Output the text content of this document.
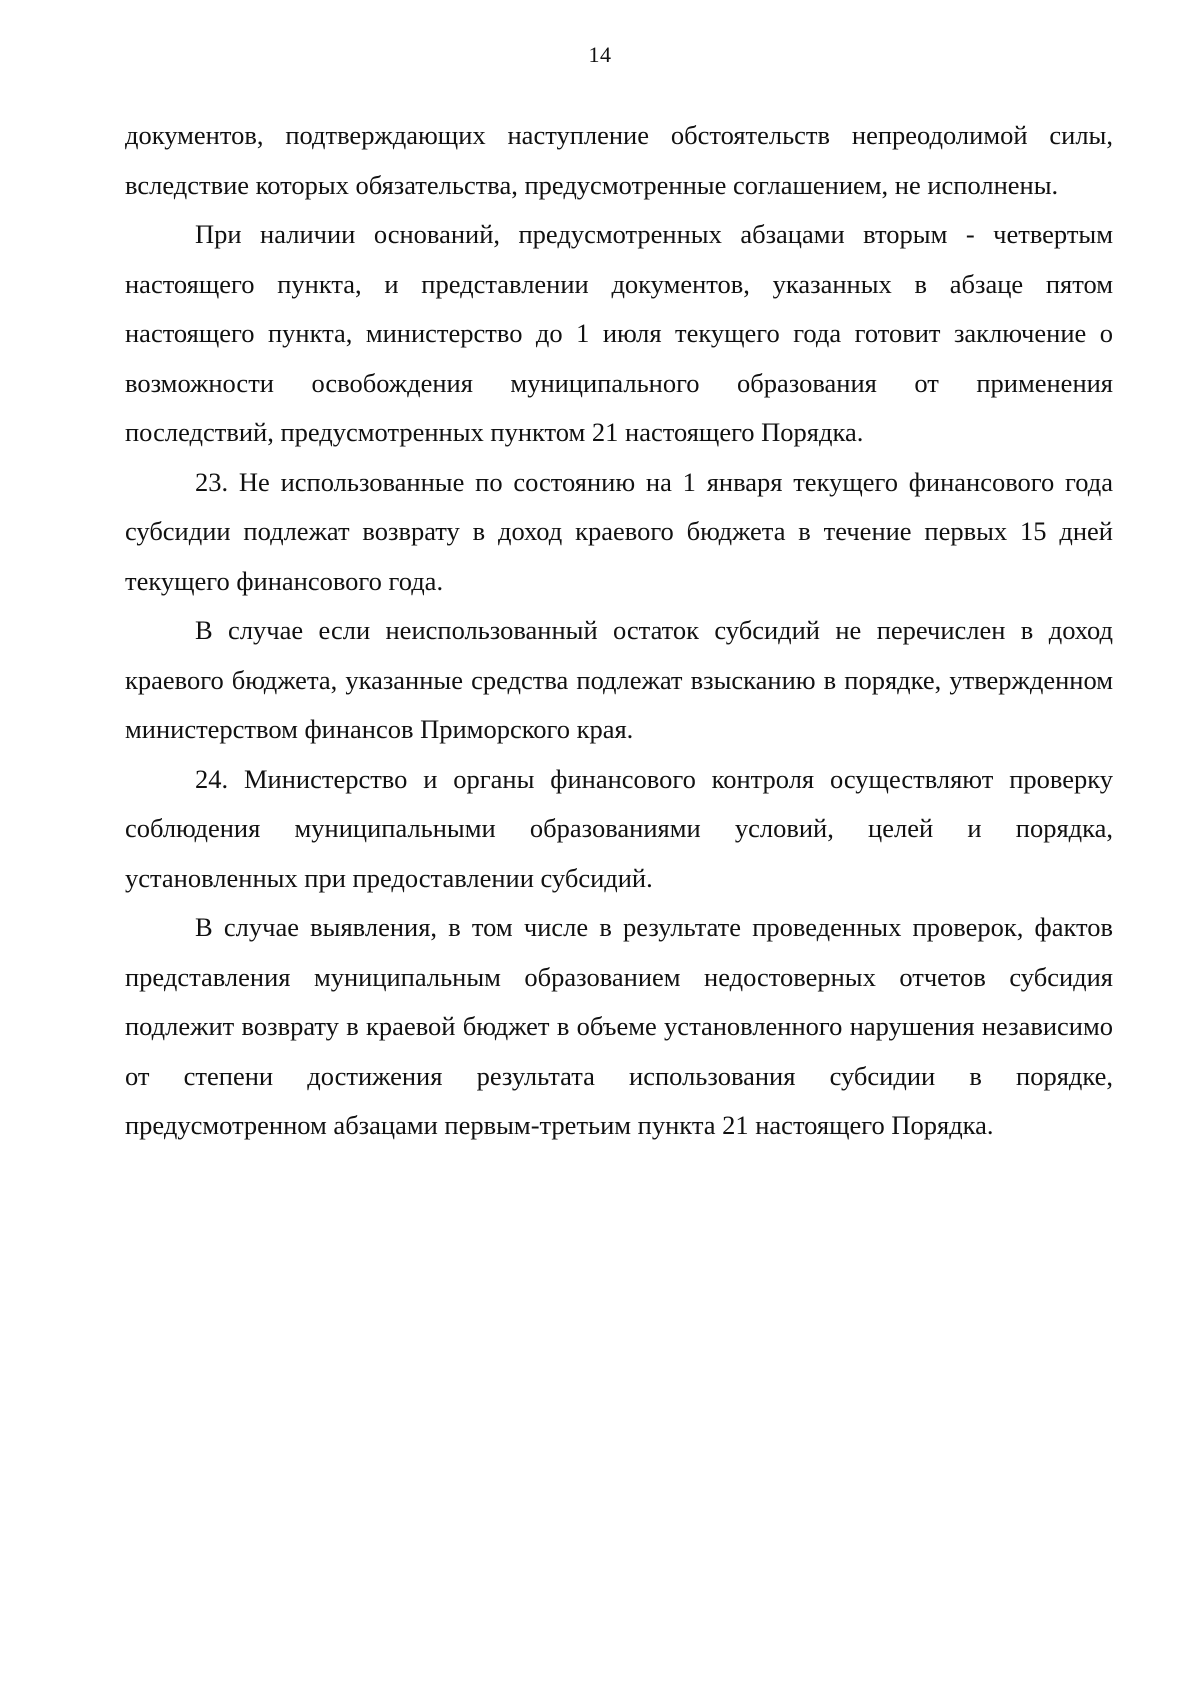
14

документов, подтверждающих наступление обстоятельств непреодолимой силы, вследствие которых обязательства, предусмотренные соглашением, не исполнены.

При наличии оснований, предусмотренных абзацами вторым - четвертым настоящего пункта, и представлении документов, указанных в абзаце пятом настоящего пункта, министерство до 1 июля текущего года готовит заключение о возможности освобождения муниципального образования от применения последствий, предусмотренных пунктом 21 настоящего Порядка.

23. Не использованные по состоянию на 1 января текущего финансового года субсидии подлежат возврату в доход краевого бюджета в течение первых 15 дней текущего финансового года.

В случае если неиспользованный остаток субсидий не перечислен в доход краевого бюджета, указанные средства подлежат взысканию в порядке, утвержденном министерством финансов Приморского края.

24. Министерство и органы финансового контроля осуществляют проверку соблюдения муниципальными образованиями условий, целей и порядка, установленных при предоставлении субсидий.

В случае выявления, в том числе в результате проведенных проверок, фактов представления муниципальным образованием недостоверных отчетов субсидия подлежит возврату в краевой бюджет в объеме установленного нарушения независимо от степени достижения результата использования субсидии в порядке, предусмотренном абзацами первым-третьим пункта 21 настоящего Порядка.
